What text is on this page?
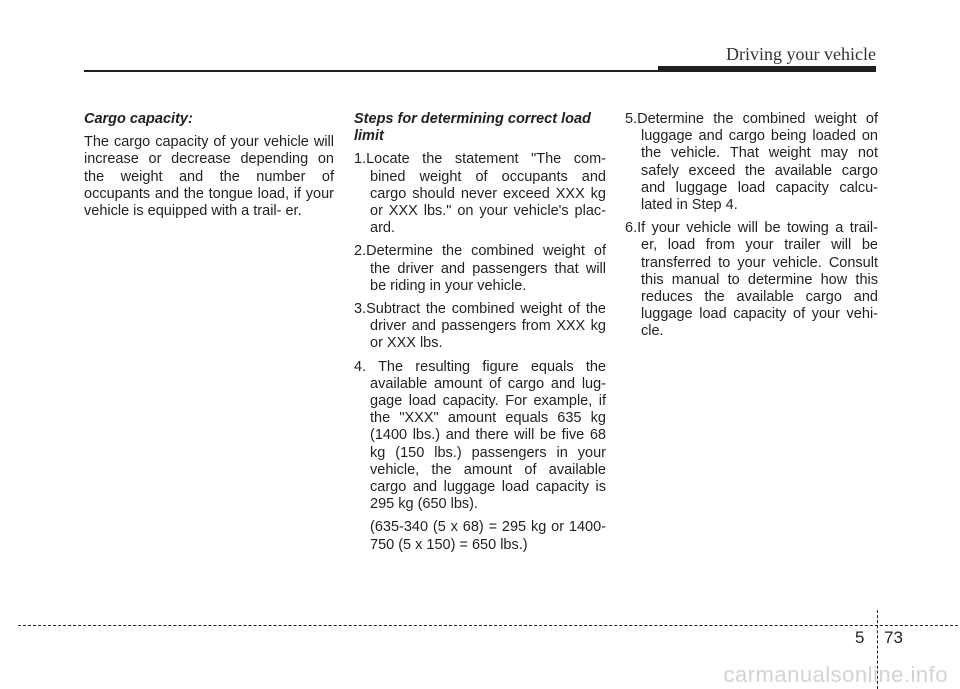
Driving your vehicle

Cargo capacity:

The cargo capacity of your vehicle will increase or decrease depending on the weight and the number of occupants and the tongue load, if your vehicle is equipped with a trail- er.

Steps for determining correct load limit

1.Locate the statement "The com- bined weight of occupants and cargo should never exceed XXX kg or XXX lbs." on your vehicle's plac- ard.

2.Determine the combined weight of the driver and passengers that will be riding in your vehicle.

3.Subtract the combined weight of the driver and passengers from XXX kg or XXX lbs.

4. The resulting figure equals the available amount of cargo and lug- gage load capacity. For example, if the "XXX" amount equals 635 kg (1400 lbs.) and there will be five 68 kg (150 lbs.) passengers in your vehicle, the amount of available cargo and luggage load capacity is 295 kg (650 lbs).

(635-340 (5 x 68) = 295 kg or 1400-750 (5 x 150) = 650 lbs.)

5.Determine the combined weight of luggage and cargo being loaded on the vehicle. That weight may not safely exceed the available cargo and luggage load capacity calcu- lated in Step 4.

6.If your vehicle will be towing a trail- er, load from your trailer will be transferred to your vehicle. Consult this manual to determine how this reduces the available cargo and luggage load capacity of your vehi- cle.

5 73
carmanualsonline.info
